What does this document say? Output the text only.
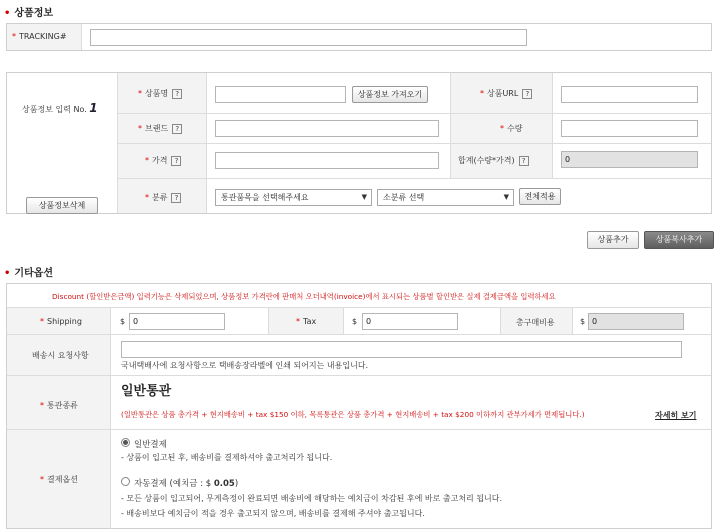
• 상품정보
* TRACKING#
상품정보 입력 No. 1
상품정보삭제
* 상품명 ?	상품정보 가져오기	* 상품URL ?
* 브랜드 ?	* 수량
* 가격 ?	합계(수량*가격) ?	0
* 분류 ?	통관품목을 선택해주세요	▼	소분류 선택	▼	전체적용
상품추가	상품복사추가
• 기타옵션
Discount (할인받은금액) 입력기능은 삭제되었으며, 상품정보 가격란에 판매처 오더내역(invoice)에서 표시되는 상품별 할인받은 실제 결제금액을 입력하세요
* Shipping	$ 0	* Tax	$	0	총구매비용	$ 0
배송시 요청사항
국내택배사에 요청사항으로 택배송장라벨에 인쇄 되어지는 내용입니다.
* 통관종류
일반통관
(일반통관은 상품 총가격 + 현지배송비 + tax $150 이하, 목록통관은 상품 총가격 + 현지배송비 + tax $200 이하까지 관부가세가 면제됩니다.)	자세히 보기
* 결제옵션
일반결제
- 상품이 입고된 후, 배송비를 결제하셔야 출고처리가 됩니다.
자동결제 (예치금 : $ 0.05)
- 모든 상품이 입고되어, 무게측정이 완료되면 배송비에 해당하는 예치금이 차감된 후에 바로 출고처리 됩니다.
- 배송비보다 예치금이 적을 경우 출고되지 않으며, 배송비를 결제해 주셔야 출고됩니다.
